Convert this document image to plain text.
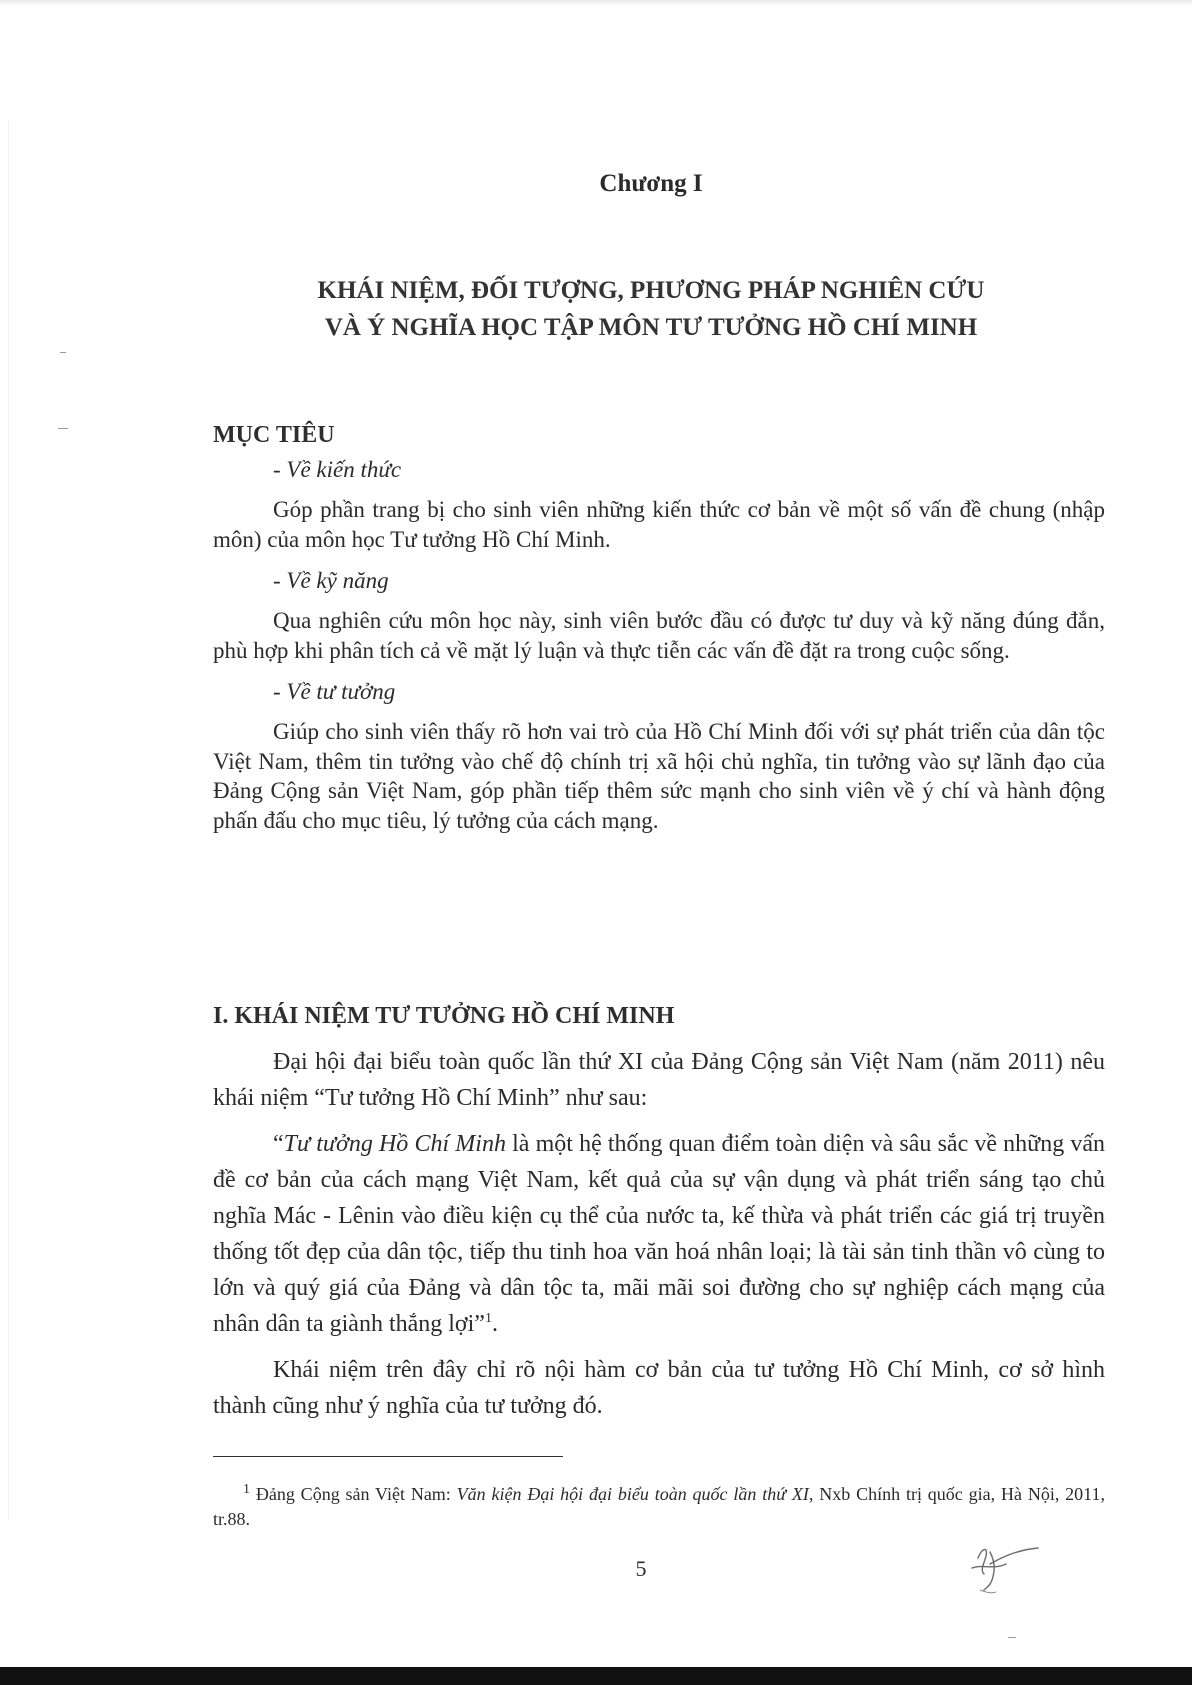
Chương I
KHÁI NIỆM, ĐỐI TƯỢNG, PHƯƠNG PHÁP NGHIÊN CỨU
VÀ Ý NGHĨA HỌC TẬP MÔN TƯ TƯỞNG HỒ CHÍ MINH
MỤC TIÊU
- Về kiến thức

Góp phần trang bị cho sinh viên những kiến thức cơ bản về một số vấn đề chung (nhập môn) của môn học Tư tưởng Hồ Chí Minh.

- Về kỹ năng

Qua nghiên cứu môn học này, sinh viên bước đầu có được tư duy và kỹ năng đúng đắn, phù hợp khi phân tích cả về mặt lý luận và thực tiễn các vấn đề đặt ra trong cuộc sống.

- Về tư tưởng

Giúp cho sinh viên thấy rõ hơn vai trò của Hồ Chí Minh đối với sự phát triển của dân tộc Việt Nam, thêm tin tưởng vào chế độ chính trị xã hội chủ nghĩa, tin tưởng vào sự lãnh đạo của Đảng Cộng sản Việt Nam, góp phần tiếp thêm sức mạnh cho sinh viên về ý chí và hành động phấn đấu cho mục tiêu, lý tưởng của cách mạng.

I. KHÁI NIỆM TƯ TƯỞNG HỒ CHÍ MINH

Đại hội đại biểu toàn quốc lần thứ XI của Đảng Cộng sản Việt Nam (năm 2011) nêu khái niệm “Tư tưởng Hồ Chí Minh” như sau:

“Tư tưởng Hồ Chí Minh là một hệ thống quan điểm toàn diện và sâu sắc về những vấn đề cơ bản của cách mạng Việt Nam, kết quả của sự vận dụng và phát triển sáng tạo chủ nghĩa Mác - Lênin vào điều kiện cụ thể của nước ta, kế thừa và phát triển các giá trị truyền thống tốt đẹp của dân tộc, tiếp thu tinh hoa văn hoá nhân loại; là tài sản tinh thần vô cùng to lớn và quý giá của Đảng và dân tộc ta, mãi mãi soi đường cho sự nghiệp cách mạng của nhân dân ta giành thắng lợi”$^1$.

Khái niệm trên đây chỉ rõ nội hàm cơ bản của tư tưởng Hồ Chí Minh, cơ sở hình thành cũng như ý nghĩa của tư tưởng đó.

$^1$ Đảng Cộng sản Việt Nam: Văn kiện Đại hội đại biểu toàn quốc lần thứ XI, Nxb Chính trị quốc gia, Hà Nội, 2011, tr.88.
5
